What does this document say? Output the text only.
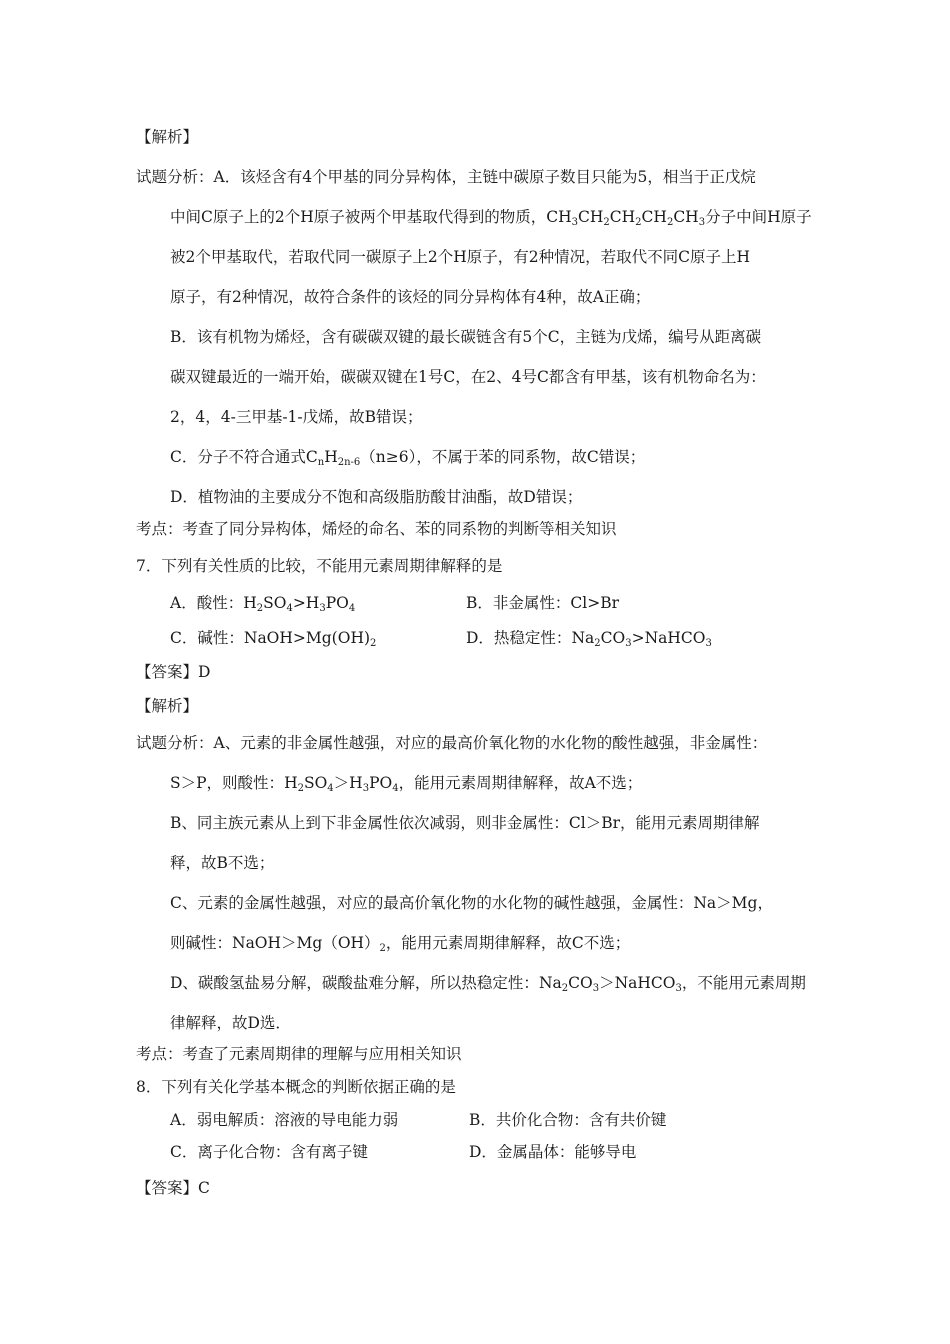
【解析】
试题分析：A．该烃含有4个甲基的同分异构体，主链中碳原子数目只能为5，相当于正戊烷
中间C原子上的2个H原子被两个甲基取代得到的物质，$CH_3CH_2CH_2CH_2CH_3$分子中间H原子
被2个甲基取代，若取代同一碳原子上2个H原子，有2种情况，若取代不同C原子上H
原子，有2种情况，故符合条件的该烃的同分异构体有4种，故A正确；
B．该有机物为烯烃，含有碳碳双键的最长碳链含有5个C，主链为戊烯，编号从距离碳
碳双键最近的一端开始，碳碳双键在1号C，在2、4号C都含有甲基，该有机物命名为：
2，4，4-三甲基-1-戊烯，故B错误；
C．分子不符合通式$C_nH_{2n-6}(n\ge 6)$，不属于苯的同系物，故C错误；
D．植物油的主要成分不饱和高级脂肪酸甘油酯，故D错误；
考点：考查了同分异构体，烯烃的命名、苯的同系物的判断等相关知识
7．下列有关性质的比较，不能用元素周期律解释的是
A．酸性：$H_2SO_4>H_3PO_4$	B．非金属性：Cl>Br
C．碱性：$NaOH>Mg(OH)_2$	D．热稳定性：$Na_2CO_3>NaHCO_3$
【答案】D
【解析】
试题分析：A、元素的非金属性越强，对应的最高价氧化物的水化物的酸性越强，非金属性：
S＞P，则酸性：$H_2SO_4>H_3PO_4$，能用元素周期律解释，故A不选；
B、同主族元素从上到下非金属性依次减弱，则非金属性：Cl＞Br，能用元素周期律解
释，故B不选；
C、元素的金属性越强，对应的最高价氧化物的水化物的碱性越强，金属性：Na＞Mg，
则碱性：$NaOH>Mg(OH)_2$，能用元素周期律解释，故C不选；
D、碳酸氢盐易分解，碳酸盐难分解，所以热稳定性：$Na_2CO_3>NaHCO_3$，不能用元素周期
律解释，故D选．
考点：考查了元素周期律的理解与应用相关知识
8．下列有关化学基本概念的判断依据正确的是
A．弱电解质：溶液的导电能力弱	B．共价化合物：含有共价键
C．离子化合物：含有离子键	D．金属晶体：能够导电
【答案】C
